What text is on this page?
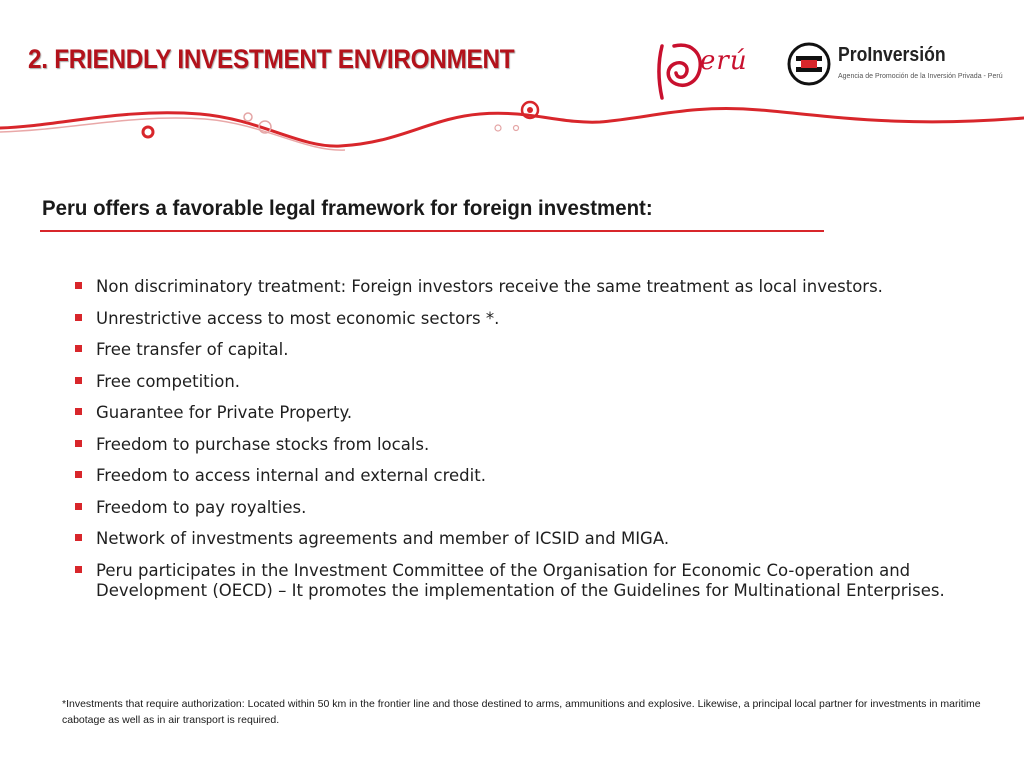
2. FRIENDLY INVESTMENT ENVIRONMENT	erú	ProInversión
Agencia de Promoción de la Inversión Privada - Perú
Peru offers a favorable legal framework for foreign investment:
Non discriminatory treatment: Foreign investors receive the same treatment as local investors.
Unrestrictive access to most economic sectors *.
Free transfer of capital.
Free competition.
Guarantee for Private Property.
Freedom to purchase stocks from locals.
Freedom to access internal and external credit.
Freedom to pay royalties.
Network of investments agreements and member of ICSID and MIGA.
Peru participates in the Investment Committee of the Organisation for Economic Co-operation and Development (OECD) – It promotes the implementation of the Guidelines for Multinational Enterprises.

*Investments that require authorization: Located within 50 km in the frontier line and those destined to arms, ammunitions and explosive. Likewise, a principal local partner for investments in maritime cabotage as well as in air transport is required.
